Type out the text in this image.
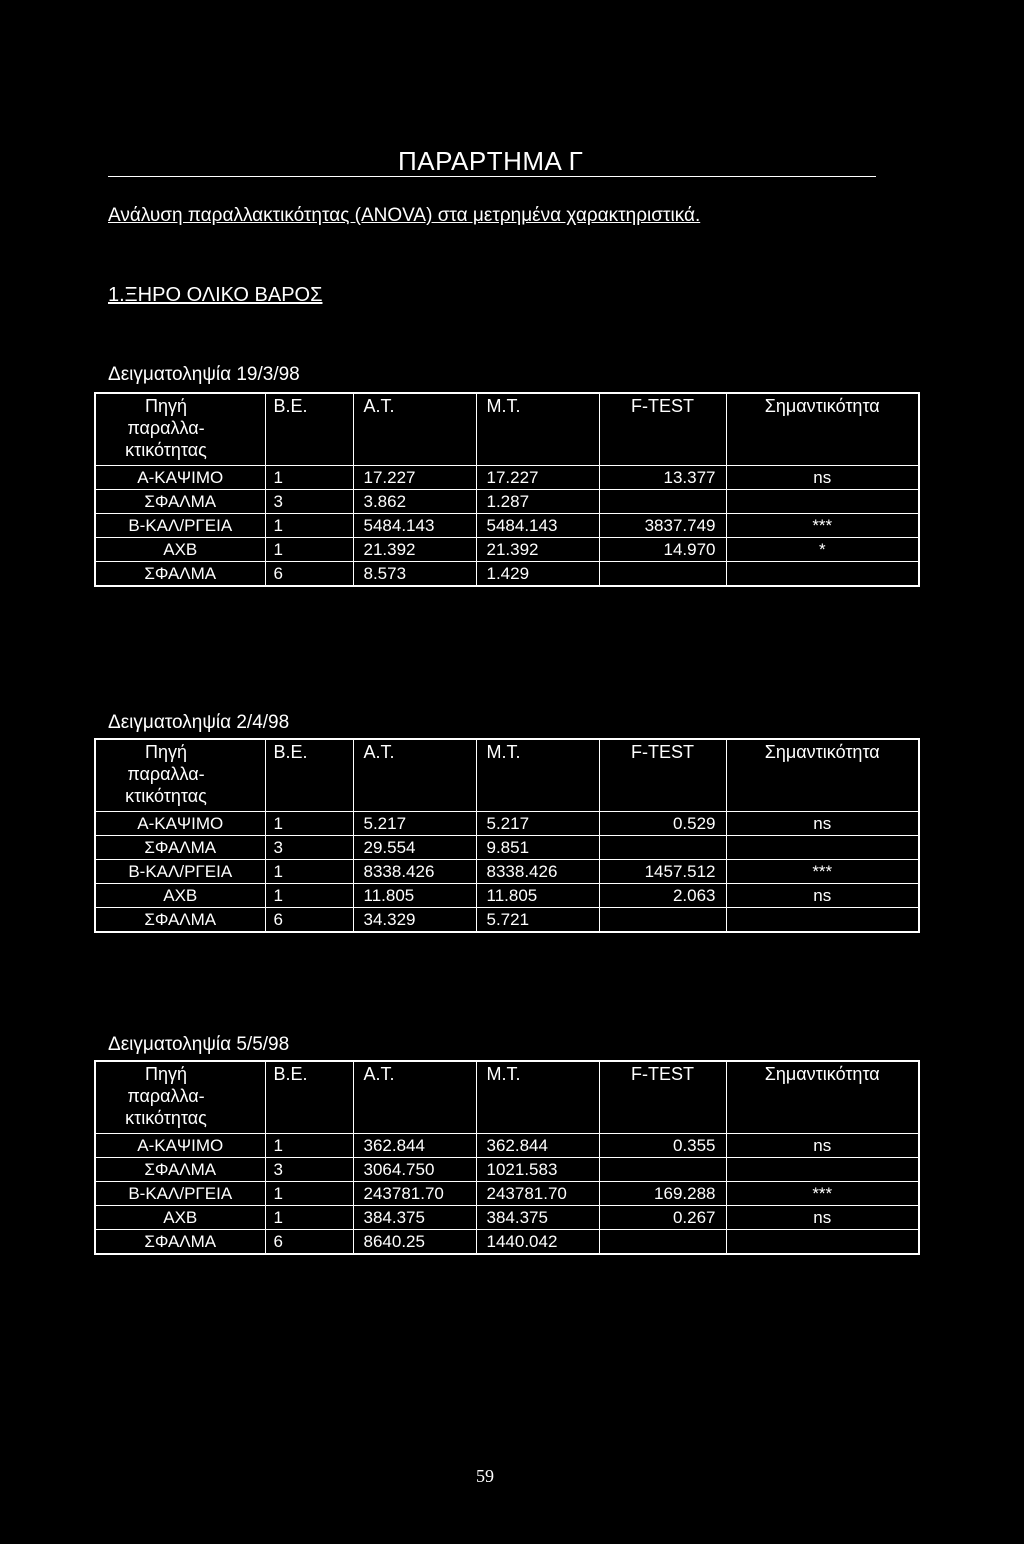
ΠΑΡΑΡΤΗΜΑ Γ
Ανάλυση παραλλακτικότητας (ANOVA) στα μετρημένα χαρακτηριστικά.
1.ΞΗΡΟ ΟΛΙΚΟ ΒΑΡΟΣ
Δειγματοληψία 19/3/98
Πηγή
παραλλα-
κτικότητας	Β.Ε.	Α.Τ.	Μ.Τ.	F-TEST	Σημαντικότητα
Α-ΚΑΨΙΜΟ	1	17.227	17.227	13.377	ns
ΣΦΑΛΜΑ	3	3.862	1.287		
Β-ΚΑΛ/ΡΓΕΙΑ	1	5484.143	5484.143	3837.749	***
ΑΧΒ	1	21.392	21.392	14.970	*
ΣΦΑΛΜΑ	6	8.573	1.429		
Δειγματοληψία 2/4/98
Πηγή
παραλλα-
κτικότητας	Β.Ε.	Α.Τ.	Μ.Τ.	F-TEST	Σημαντικότητα
Α-ΚΑΨΙΜΟ	1	5.217	5.217	0.529	ns
ΣΦΑΛΜΑ	3	29.554	9.851		
Β-ΚΑΛ/ΡΓΕΙΑ	1	8338.426	8338.426	1457.512	***
ΑΧΒ	1	11.805	11.805	2.063	ns
ΣΦΑΛΜΑ	6	34.329	5.721		
Δειγματοληψία 5/5/98
Πηγή
παραλλα-
κτικότητας	Β.Ε.	Α.Τ.	Μ.Τ.	F-TEST	Σημαντικότητα
Α-ΚΑΨΙΜΟ	1	362.844	362.844	0.355	ns
ΣΦΑΛΜΑ	3	3064.750	1021.583		
Β-ΚΑΛ/ΡΓΕΙΑ	1	243781.70	243781.70	169.288	***
ΑΧΒ	1	384.375	384.375	0.267	ns
ΣΦΑΛΜΑ	6	8640.25	1440.042		
59
